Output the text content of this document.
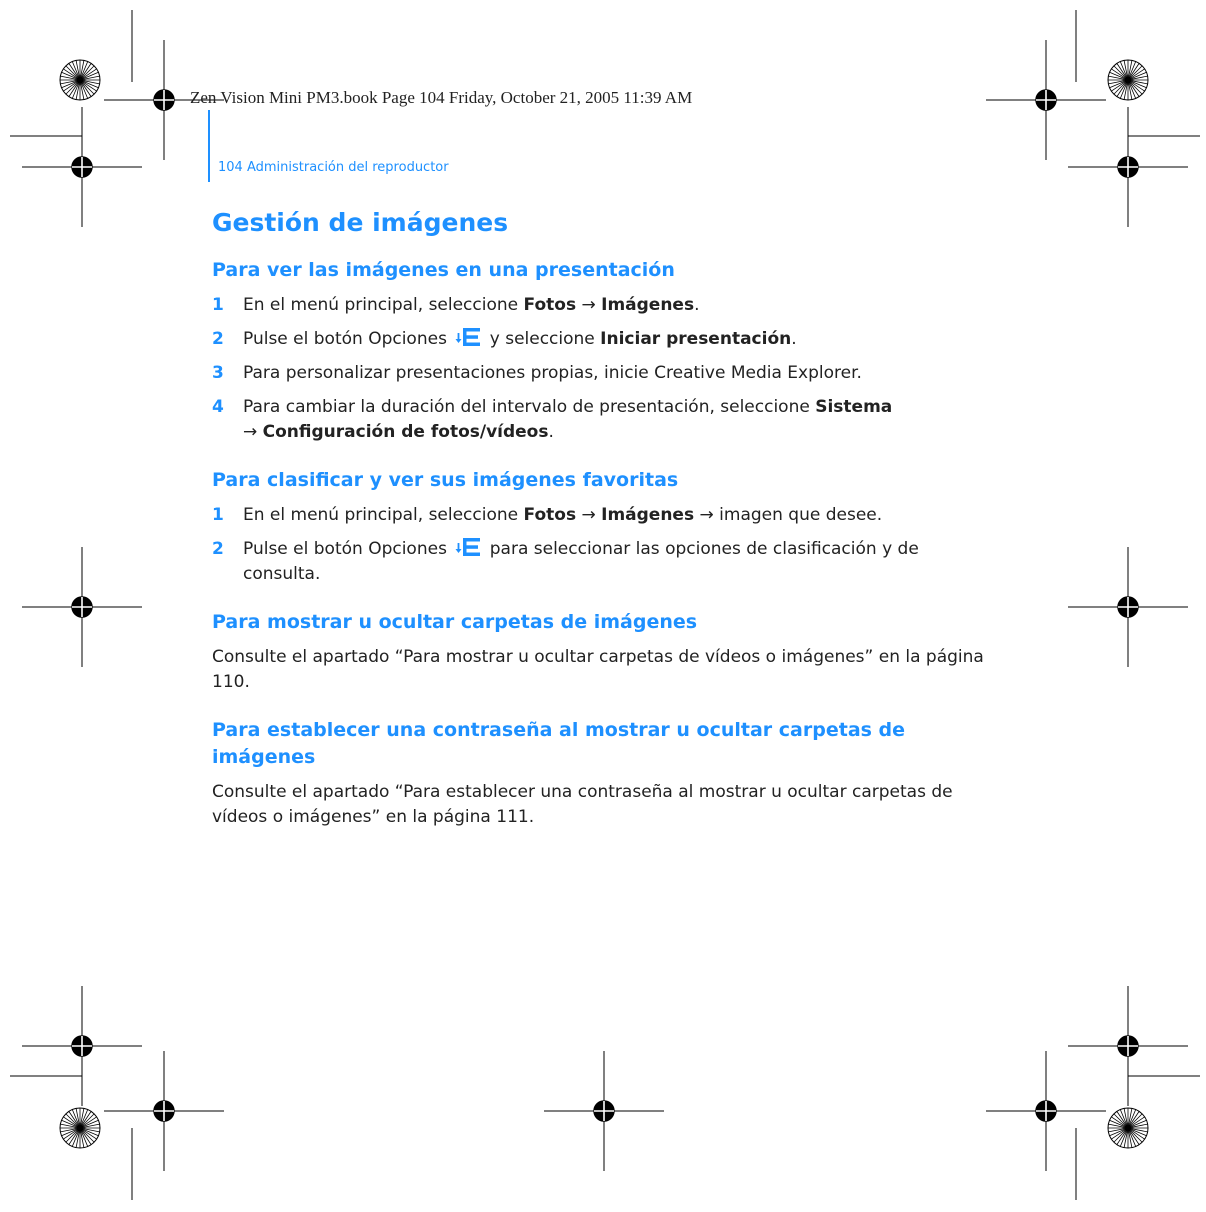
Zen Vision Mini PM3.book Page 104 Friday, October 21, 2005 11:39 AM
104 Administración del reproductor
Gestión de imágenes
Para ver las imágenes en una presentación
1 En el menú principal, seleccione Fotos → Imágenes.
2 Pulse el botón Opciones  y seleccione Iniciar presentación.
3 Para personalizar presentaciones propias, inicie Creative Media Explorer.
4 Para cambiar la duración del intervalo de presentación, seleccione Sistema
→ Configuración de fotos/vídeos.
Para clasificar y ver sus imágenes favoritas
1 En el menú principal, seleccione Fotos → Imágenes → imagen que desee.
2 Pulse el botón Opciones  para seleccionar las opciones de clasificación y de consulta.
Para mostrar u ocultar carpetas de imágenes

Consulte el apartado “Para mostrar u ocultar carpetas de vídeos o imágenes” en la página 110.

Para establecer una contraseña al mostrar u ocultar carpetas de imágenes

Consulte el apartado “Para establecer una contraseña al mostrar u ocultar carpetas de vídeos o imágenes” en la página 111.
